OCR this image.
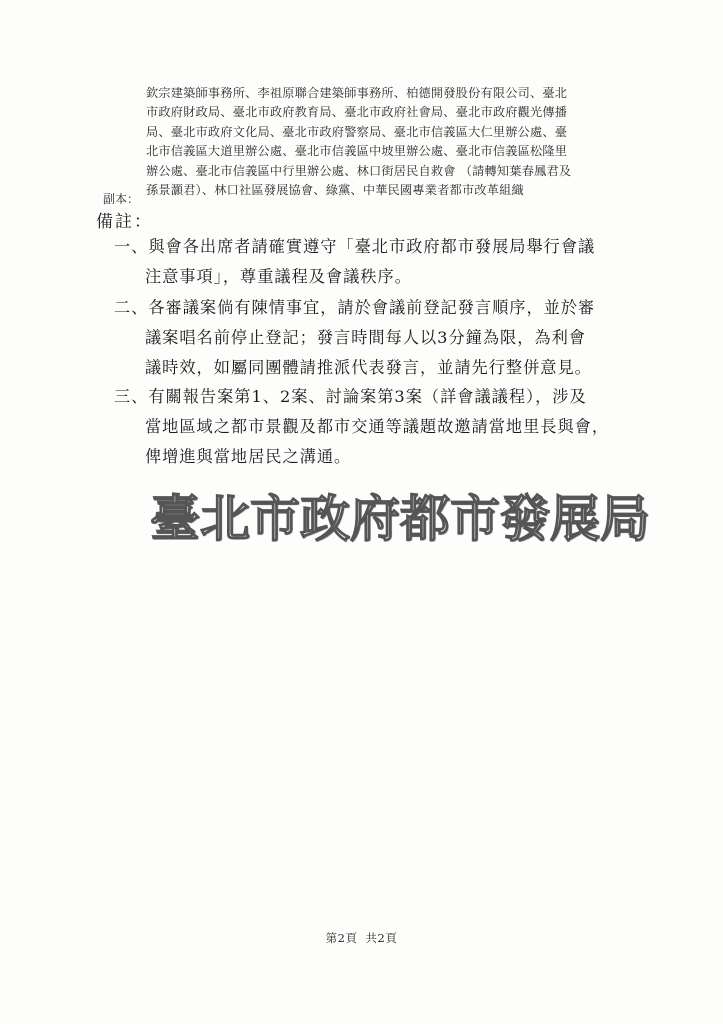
欽宗建築師事務所、李祖原聯合建築師事務所、柏德開發股份有限公司、臺北
市政府財政局、臺北市政府教育局、臺北市政府社會局、臺北市政府觀光傳播
局、臺北市政府文化局、臺北市政府警察局、臺北市信義區大仁里辦公處、臺
北市信義區大道里辦公處、臺北市信義區中坡里辦公處、臺北市信義區松隆里
辦公處、臺北市信義區中行里辦公處、林口街居民自救會 （請轉知葉春鳳君及
孫景灝君）、林口社區發展協會、綠黨、中華民國專業者都市改革組織
副本：
備註：
一、與會各出席者請確實遵守「臺北市政府都市發展局舉行會議
注意事項」，尊重議程及會議秩序。
二、各審議案倘有陳情事宜，請於會議前登記發言順序，並於審
議案唱名前停止登記；發言時間每人以3分鐘為限，為利會
議時效，如屬同團體請推派代表發言，並請先行整併意見。
三、有關報告案第1、2案、討論案第3案（詳會議議程），涉及
當地區域之都市景觀及都市交通等議題故邀請當地里長與會，
俾增進與當地居民之溝通。
臺北市政府都市發展局
第2頁 共2頁
